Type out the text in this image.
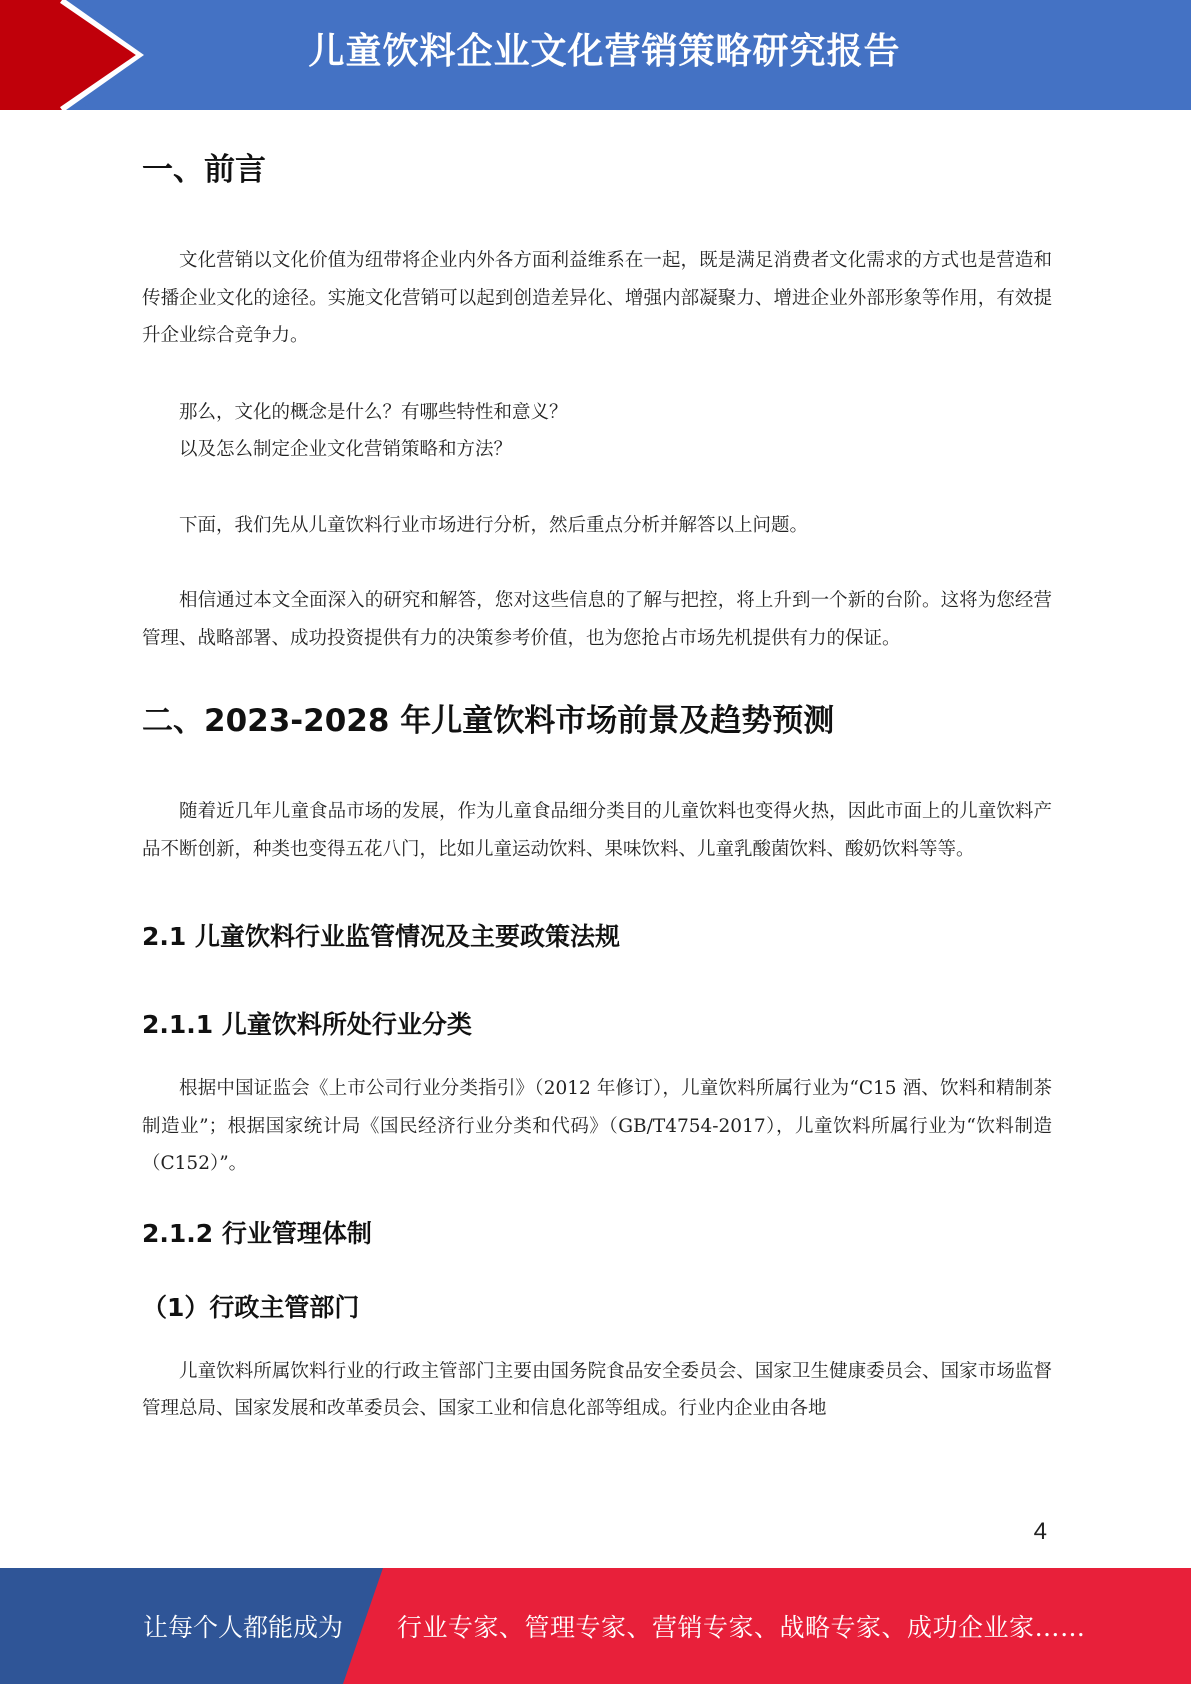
儿童饮料企业文化营销策略研究报告
一、前言

文化营销以文化价值为纽带将企业内外各方面利益维系在一起，既是满足消费者文化需求的方式也是营造和传播企业文化的途径。实施文化营销可以起到创造差异化、增强内部凝聚力、增进企业外部形象等作用，有效提升企业综合竞争力。

那么，文化的概念是什么？有哪些特性和意义？

以及怎么制定企业文化营销策略和方法？

下面，我们先从儿童饮料行业市场进行分析，然后重点分析并解答以上问题。

相信通过本文全面深入的研究和解答，您对这些信息的了解与把控，将上升到一个新的台阶。这将为您经营管理、战略部署、成功投资提供有力的决策参考价值，也为您抢占市场先机提供有力的保证。

二、2023-2028 年儿童饮料市场前景及趋势预测

随着近几年儿童食品市场的发展，作为儿童食品细分类目的儿童饮料也变得火热，因此市面上的儿童饮料产品不断创新，种类也变得五花八门，比如儿童运动饮料、果味饮料、儿童乳酸菌饮料、酸奶饮料等等。

2.1 儿童饮料行业监管情况及主要政策法规
2.1.1 儿童饮料所处行业分类

根据中国证监会《上市公司行业分类指引》（2012 年修订），儿童饮料所属行业为“C15 酒、饮料和精制茶制造业”；根据国家统计局《国民经济行业分类和代码》（GB/T4754-2017），儿童饮料所属行业为“饮料制造（C152）”。

2.1.2 行业管理体制
（1）行政主管部门

儿童饮料所属饮料行业的行政主管部门主要由国务院食品安全委员会、国家卫生健康委员会、国家市场监督管理总局、国家发展和改革委员会、国家工业和信息化部等组成。行业内企业由各地

4
让每个人都能成为 行业专家、管理专家、营销专家、战略专家、成功企业家……
